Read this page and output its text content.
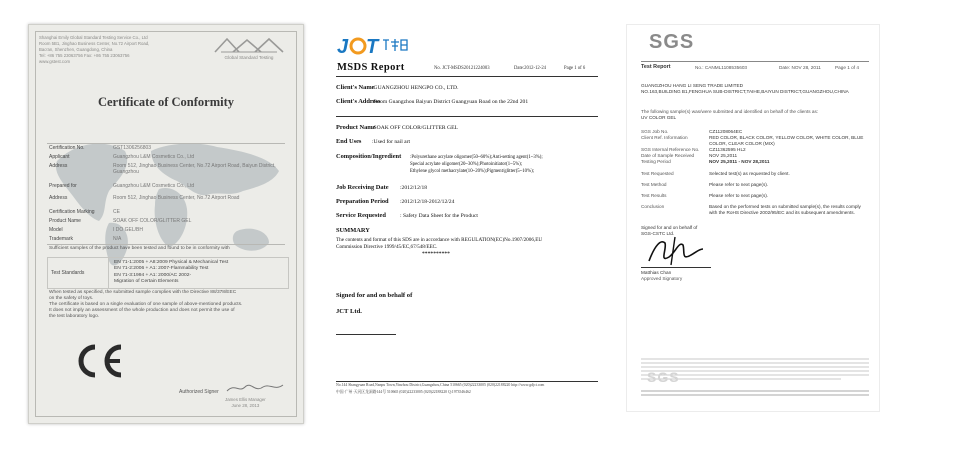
Shanghai Emily Global Standard Testing Service Co., Ltd
Room 5B1, Jinghao Business Center, No.72 Airport Road,
Bao'an, Shenzhen, Guangdong, China
Tel: +86 755 23063756 Fax: +86 755 23063756
www.gstest.com
Global Standard Testing
Certificate of Conformity
Certification No.	GST1306256803
Applicant	Guangzhou L&M Cosmetics Co., Ltd
Address	Room 512, Jinghao Business Center, No.72 Airport Road, Baiyun District, Guangzhou
Prepared for	Guangzhou L&M Cosmetics Co., Ltd
Address	Room 512, Jinghao Business Center, No.72 Airport Road
Certification Marking	CE
Product Name	SOAK OFF COLOR/GLITTER GEL
Model	I DO GEL/BH
Trademark	N/A
Sufficient samples of the product have been tested and found to be in conformity with
Test Standards
EN 71-1:2005 + A8:2009 Physical & Mechanical Test
EN 71-2:2006 + A1: 2007-Flammability Test
EN 71-3:1994 + A1: 2000/AC 2002-
Migration of Certain Elements
When tested as specified, the submitted sample complies with the Directive 88/378/EEC
on the safety of toys.
The certificate is based on a single evaluation of one sample of above-mentioned products.
It does not imply an assessment of the whole production and does not permit the use of
the test laboratory logo.
Authorized Signer
James Ellis Manager
June 28, 2013
J T
MSDS Report	No. JCT-MSDS20121224003	Date:2012-12-24	Page 1 of 6
Client's Name
:GUANGZHOU HENGPO CO., LTD.
Client's Address
:Room Guangzhou Baiyun District Guangyuan Road on the 22nd 201
Product Name
:SOAK OFF COLOR/GLITTER GEL
End Uses :Used for nail art
Composition/Ingredient :Polyurethane acrylate oligomer(50~60%);Anti-setting agent(1~3%);
Special acrylate oligomer(20~30%);Photoinitiator(1~5%);
Ethylene glycol methacrylate(10~20%);Pigment/glitter(5~10%);
Job Receiving Date :2012/12/18
Preparation Period :2012/12/18-2012/12/24
Service Requested	: Safety Data Sheet for the Product
SUMMARY
The contents and format of this SDS are in accordance with REGULATION(EC)No.1907/2006,EU
Commission Directive 1999/45/EC,67/548/EEC.
**********
Signed for and on behalf of
JCT Ltd.
No.144 Shangyuan Road,Nanpu Town,Yinzhou District,Guangzhou,China 510665 (020)22233005 (020)22188220 http://www.gdjct.com
中国·广州·天河区龙洞路144号 510665 (020)22233005 (020)22188220 Q:1973546462
SGS
Test Report	No.: CANML1108535603	Date: NOV 28, 2011	Page 1 of 4
GUANGZHOU HANG LI SENG TRADE LIMITED
NO.163,BUILDING B1,FENGHUA SUB-DISTRICT,TAIHE,BAIYUN DISTRICT,GUANGZHOU,CHINA
The following sample(s) was/were submitted and identified on behalf of the clients as:
UV COLOR GEL
SGS Job No.	CZ11208064EC
Client Ref. Information	RED COLOR, BLACK COLOR, YELLOW COLOR, WHITE COLOR, BLUE
COLOR, CLEAR COLOR (MIX)
SGS Internal Reference No. CZ11362595 HL2
Date of Sample Received	NOV 25,2011
Testing Period	NOV 25,2011 - NOV 28,2011
Test Requested	Selected test(s) as requested by client.
Test Method	Please refer to next page(s).
Test Results	Please refer to next page(s).
Conclusion	Based on the performed tests on submitted sample(s), the results comply
with the RoHS Directive 2002/95/EC and its subsequent amendments.
Signed for and on behalf of
SGS-CSTC Ltd.
Matthias Chan
Approved Signatory
SGS
